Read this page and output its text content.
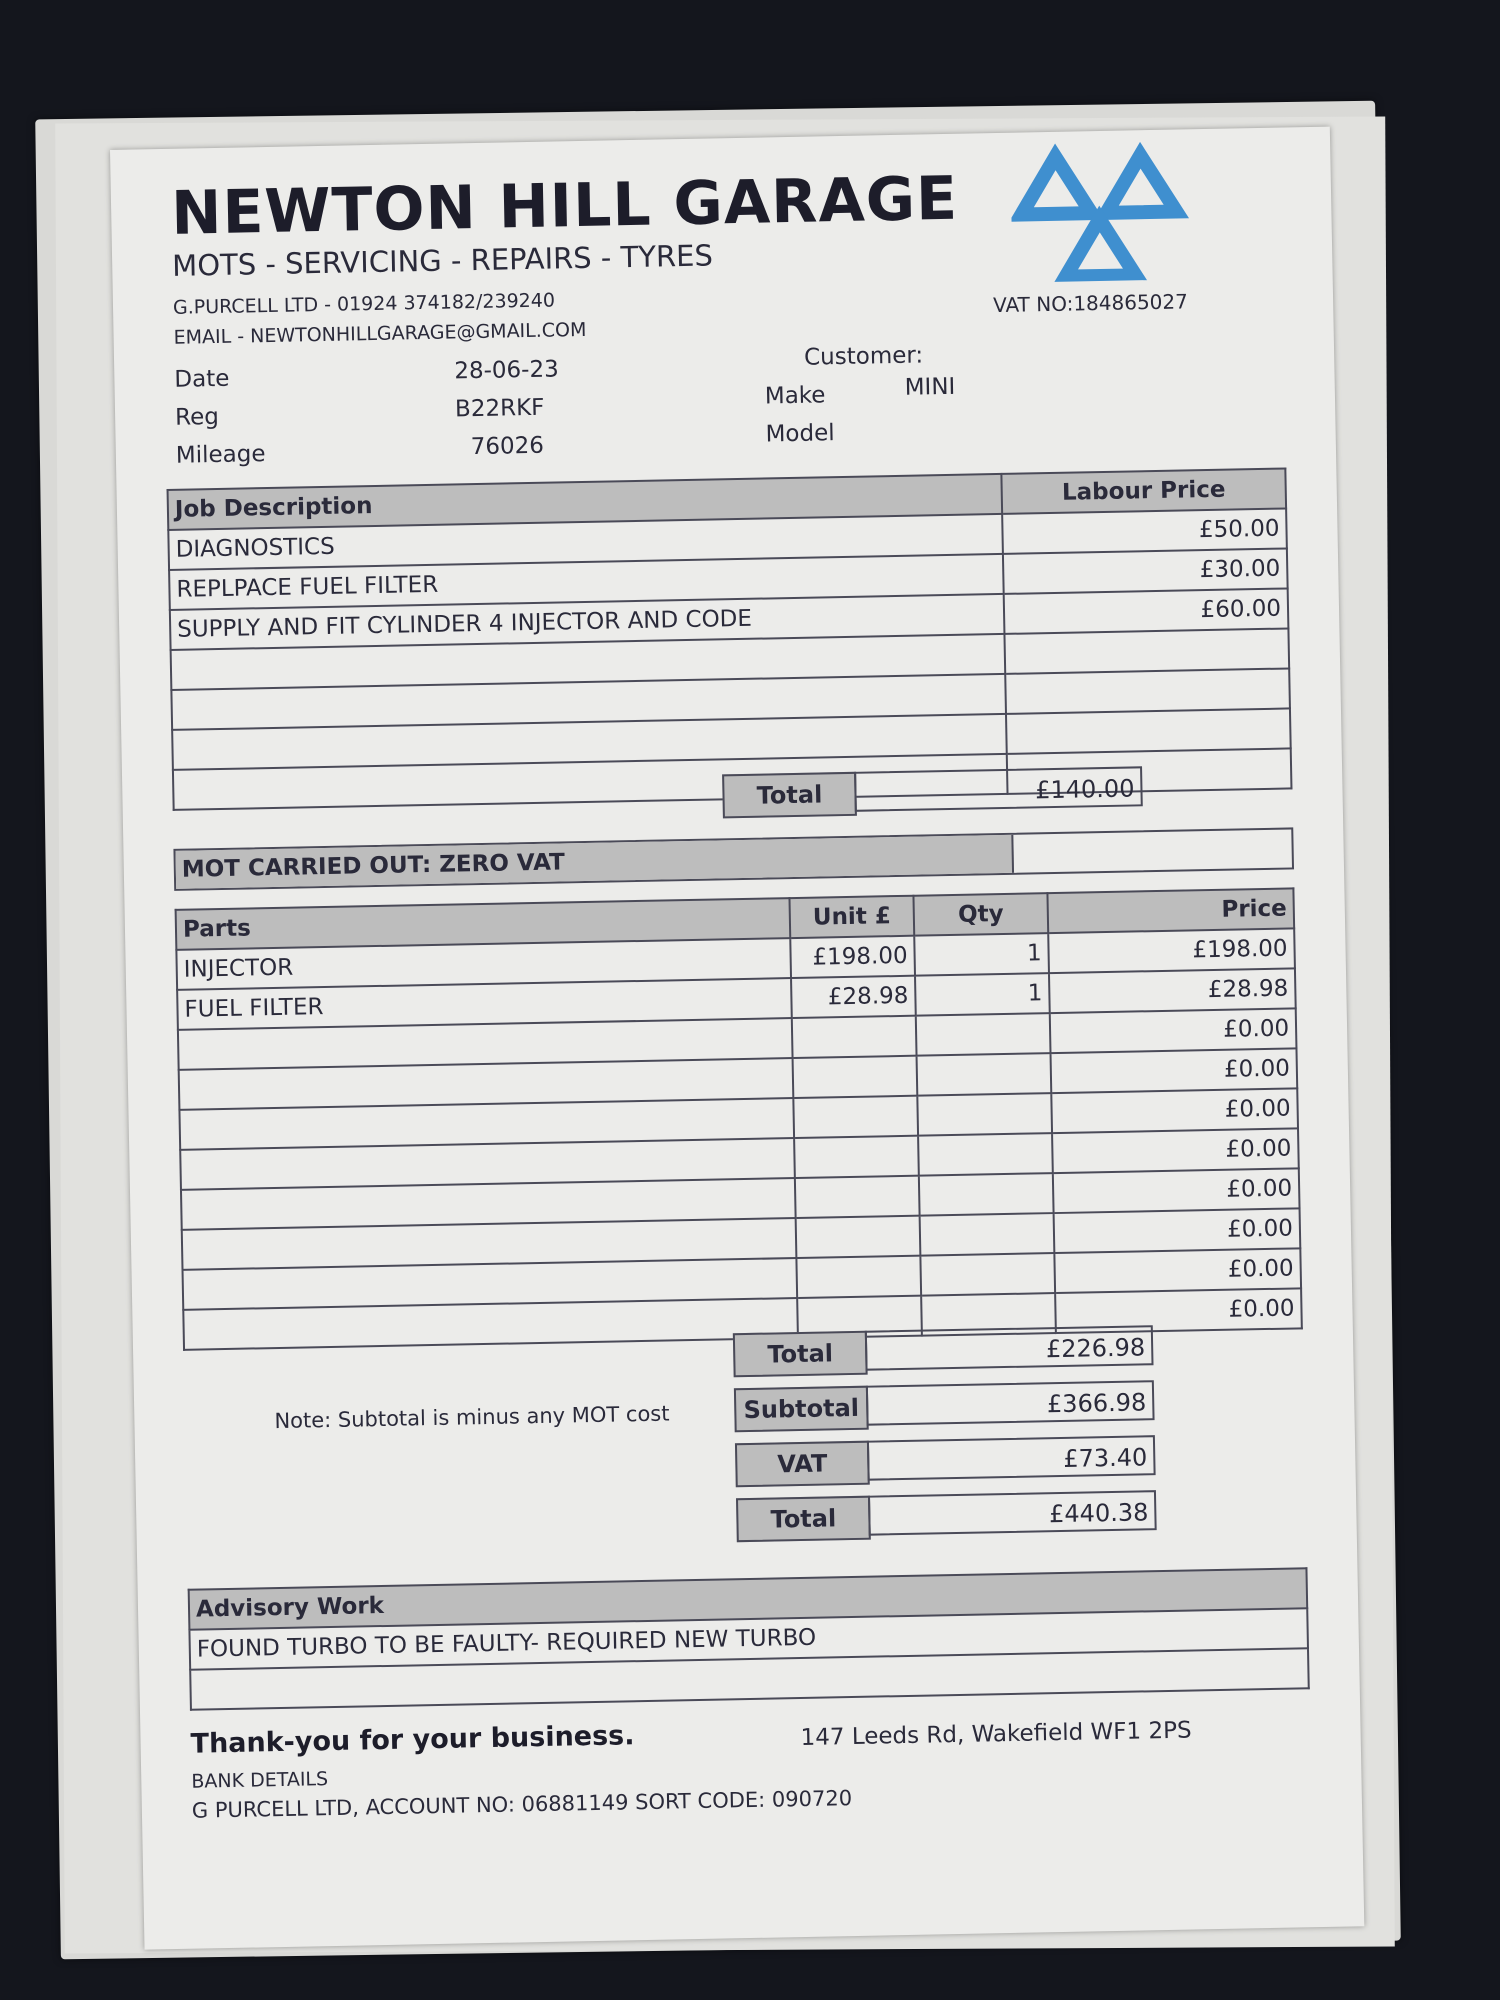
NEWTON HILL GARAGE
MOTS - SERVICING - REPAIRS - TYRES
G.PURCELL LTD - 01924 374182/239240
EMAIL - NEWTONHILLGARAGE@GMAIL.COM
VAT NO:184865027
Date	28-06-23
Reg	B22RKF
Mileage	76026
Customer:
Make	MINI
Model
Job Description	Labour Price
DIAGNOSTICS	£50.00
REPLPACE FUEL FILTER	£30.00
SUPPLY AND FIT CYLINDER 4 INJECTOR AND CODE	£60.00

Total	£140.00
MOT CARRIED OUT: ZERO VAT
Parts	Unit £	Qty	Price
INJECTOR	£198.00	1	£198.00
FUEL FILTER	£28.98	1	£28.98
			£0.00
			£0.00
			£0.00
			£0.00
			£0.00
			£0.00
			£0.00
			£0.00
Total	£226.98
Note: Subtotal is minus any MOT cost	Subtotal	£366.98
VAT	£73.40
Total	£440.38
Advisory Work
FOUND TURBO TO BE FAULTY- REQUIRED NEW TURBO

Thank-you for your business.	147 Leeds Rd, Wakefield WF1 2PS
BANK DETAILS
G PURCELL LTD, ACCOUNT NO: 06881149 SORT CODE: 090720
